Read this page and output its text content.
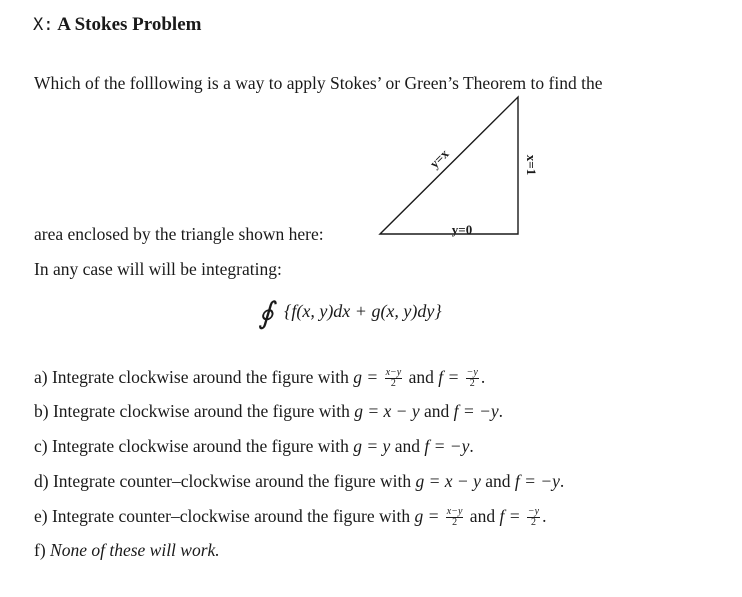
X: A Stokes Problem
Which of the folllowing is a way to apply Stokes’ or Green’s Theorem to find the
y=x	x=1
y=0
area enclosed by the triangle shown here:
In any case will will be integrating:
∮ {f(x, y)dx + g(x, y)dy}
a) Integrate clockwise around the figure with $g = \frac{x-y}{2}$ and $f = \frac{-y}{2}$ .
b) Integrate clockwise around the figure with g = x − y and f = −y.
c) Integrate clockwise around the figure with g = y and f = −y.
d) Integrate counter–clockwise around the figure with g = x − y and f = −y.
e) Integrate counter–clockwise around the figure with $g = \frac{x-y}{2}$ and $f = \frac{-y}{2}$ .
f) None of these will work.
